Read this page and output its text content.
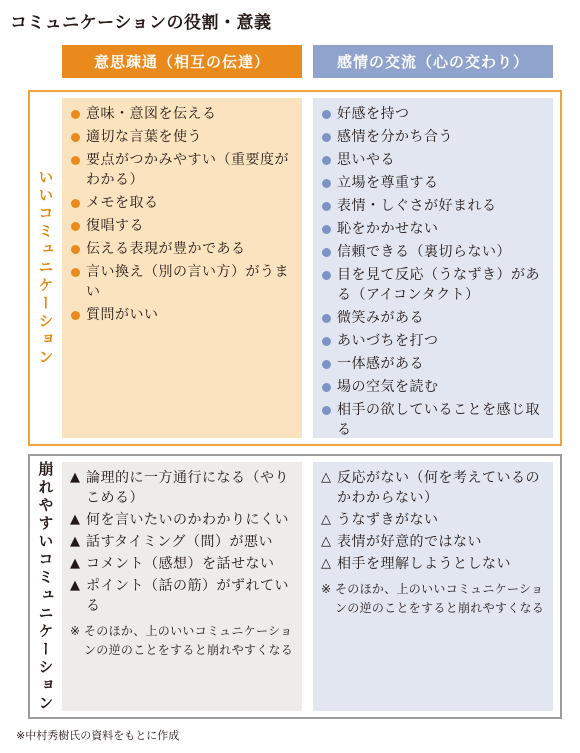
コミュニケーションの役割・意義
意思疎通（相互の伝達）	感情の交流（心の交わり）
いいコミュニケーション
意味・意図を伝える
適切な言葉を使う
要点がつかみやすい（重要度がわかる）
メモを取る
復唱する
伝える表現が豊かである
言い換え（別の言い方）がうまい
質問がいい
好感を持つ
感情を分かち合う
思いやる
立場を尊重する
表情・しぐさが好まれる
恥をかかせない
信頼できる（裏切らない）
目を見て反応（うなずき）がある（アイコンタクト）
微笑みがある
あいづちを打つ
一体感がある
場の空気を読む
相手の欲していることを感じ取る
崩れやすいコミュニケーション
▲	論理的に一方通行になる（やりこめる）
▲ 何を言いたいのかわかりにくい
▲ 話すタイミング（間）が悪い
▲ コメント（感想）を話せない
▲ ポイント（話の筋）がずれている
※ そのほか、上のいいコミュニケーションの逆のことをすると崩れやすくなる
△ 反応がない（何を考えているのかわからない）
△ うなずきがない
△ 表情が好意的ではない
△ 相手を理解しようとしない
※ そのほか、上のいいコミュニケーションの逆のことをすると崩れやすくなる
※中村秀樹氏の資料をもとに作成
